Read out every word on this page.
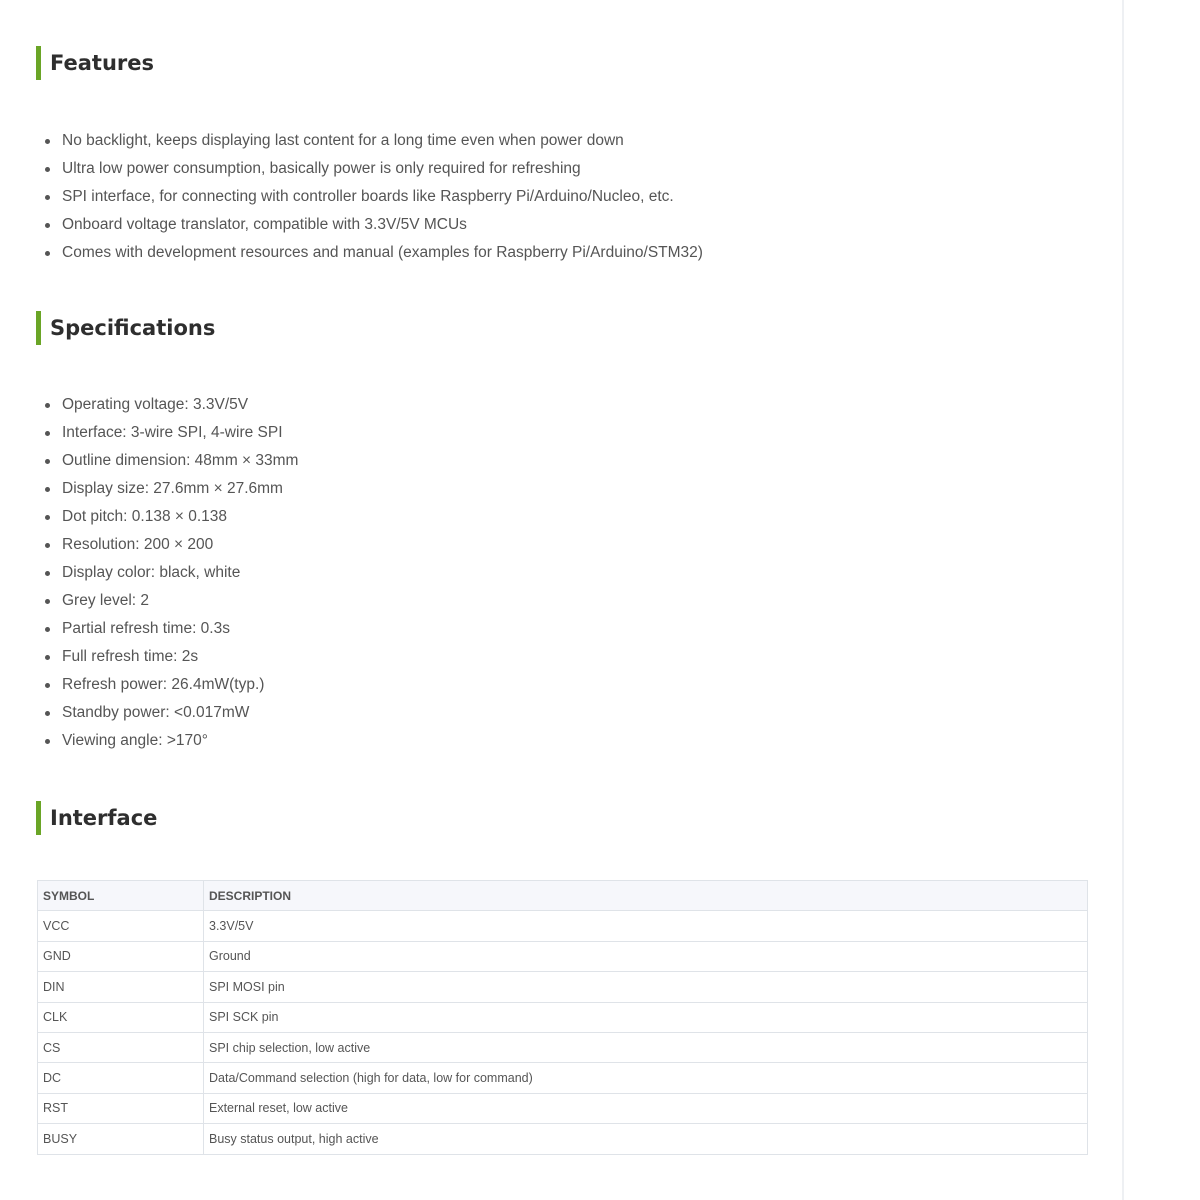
Features
No backlight, keeps displaying last content for a long time even when power down
Ultra low power consumption, basically power is only required for refreshing
SPI interface, for connecting with controller boards like Raspberry Pi/Arduino/Nucleo, etc.
Onboard voltage translator, compatible with 3.3V/5V MCUs
Comes with development resources and manual (examples for Raspberry Pi/Arduino/STM32)
Specifications
Operating voltage: 3.3V/5V
Interface: 3-wire SPI, 4-wire SPI
Outline dimension: 48mm × 33mm
Display size: 27.6mm × 27.6mm
Dot pitch: 0.138 × 0.138
Resolution: 200 × 200
Display color: black, white
Grey level: 2
Partial refresh time: 0.3s
Full refresh time: 2s
Refresh power: 26.4mW(typ.)
Standby power: <0.017mW
Viewing angle: >170°
Interface
SYMBOL	DESCRIPTION
VCC	3.3V/5V
GND	Ground
DIN	SPI MOSI pin
CLK	SPI SCK pin
CS	SPI chip selection, low active
DC	Data/Command selection (high for data, low for command)
RST	External reset, low active
BUSY	Busy status output, high active
